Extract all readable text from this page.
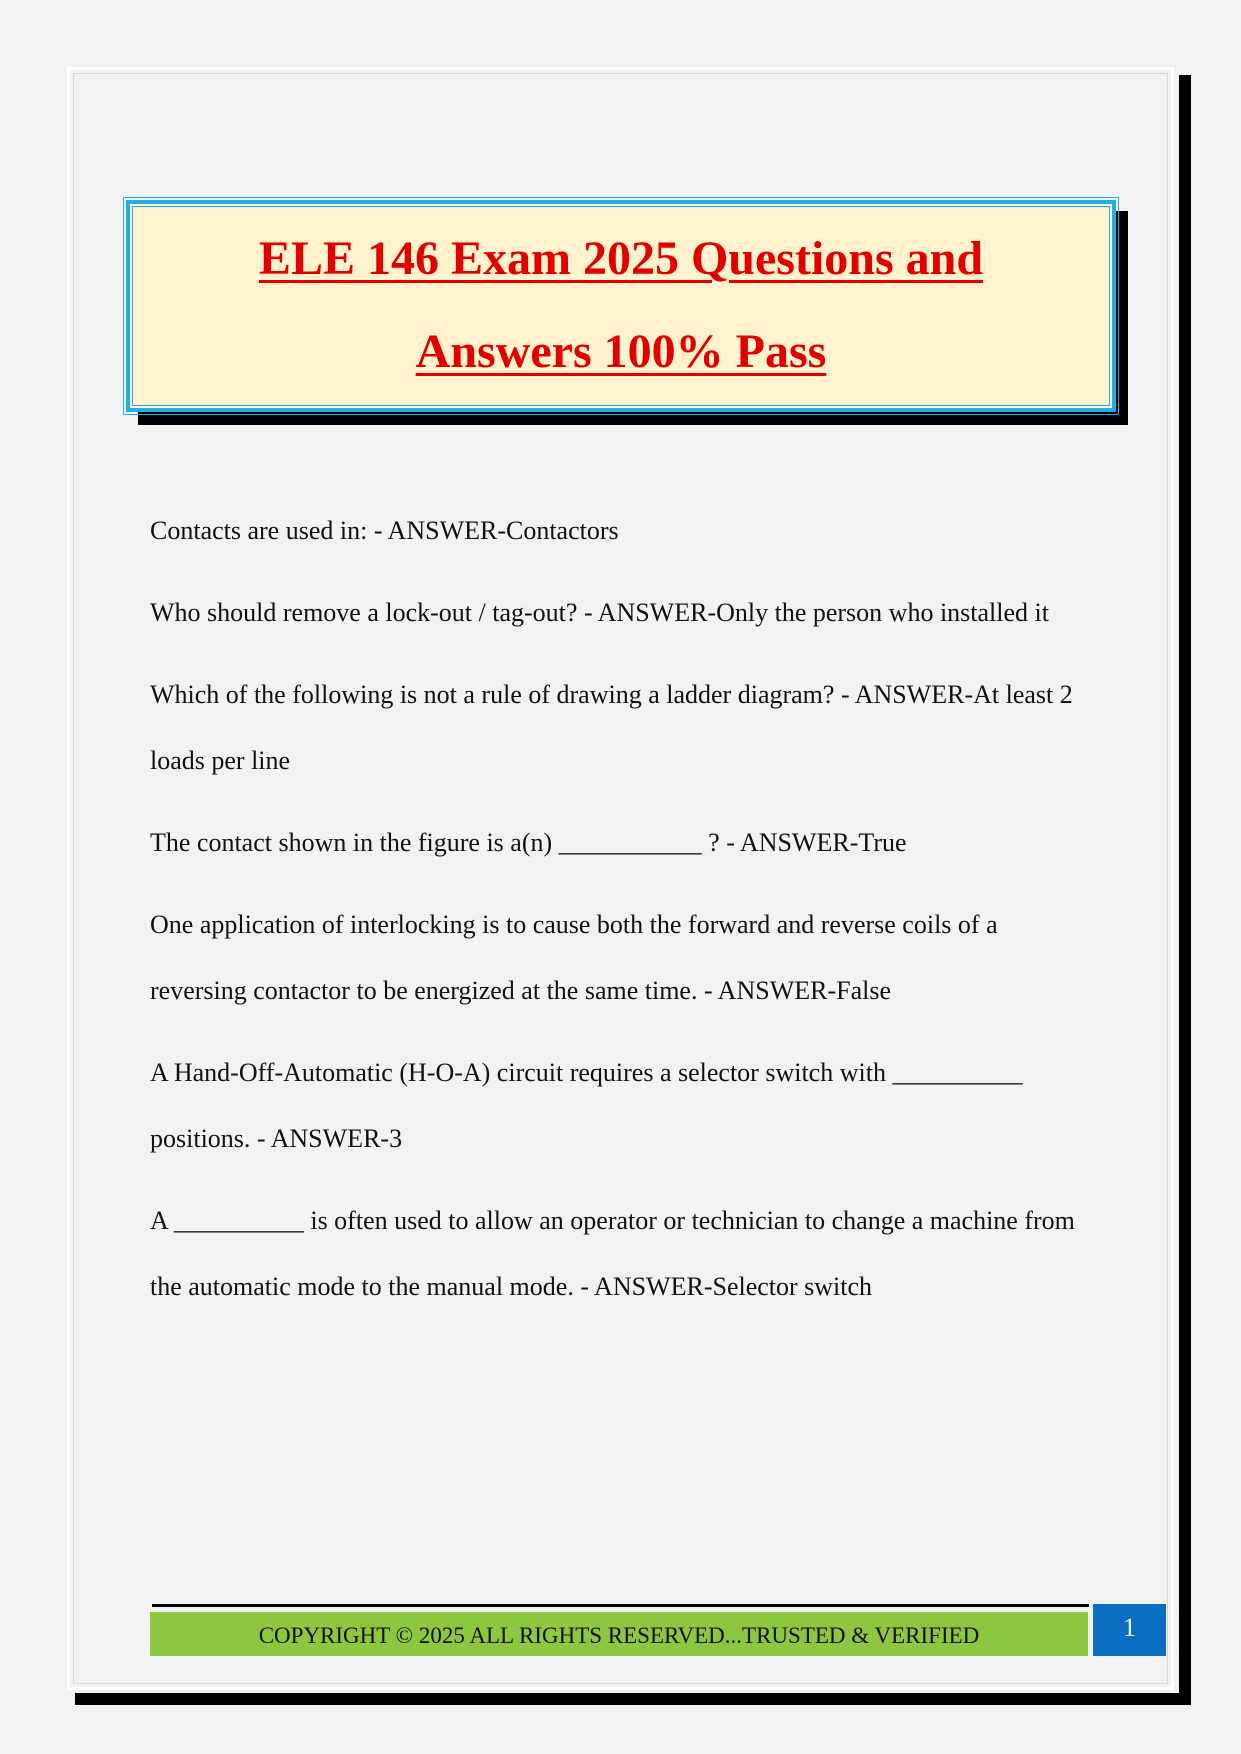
ELE 146 Exam 2025 Questions and
Answers 100% Pass
Contacts are used in: - ANSWER-Contactors
Who should remove a lock-out / tag-out? - ANSWER-Only the person who installed it
Which of the following is not a rule of drawing a ladder diagram? - ANSWER-At least 2 loads per line
The contact shown in the figure is a(n) ___________ ? - ANSWER-True
One application of interlocking is to cause both the forward and reverse coils of a reversing contactor to be energized at the same time. - ANSWER-False
A Hand-Off-Automatic (H-O-A) circuit requires a selector switch with __________ positions. - ANSWER-3
A __________ is often used to allow an operator or technician to change a machine from the automatic mode to the manual mode. - ANSWER-Selector switch
COPYRIGHT © 2025 ALL RIGHTS RESERVED...TRUSTED & VERIFIED	1
